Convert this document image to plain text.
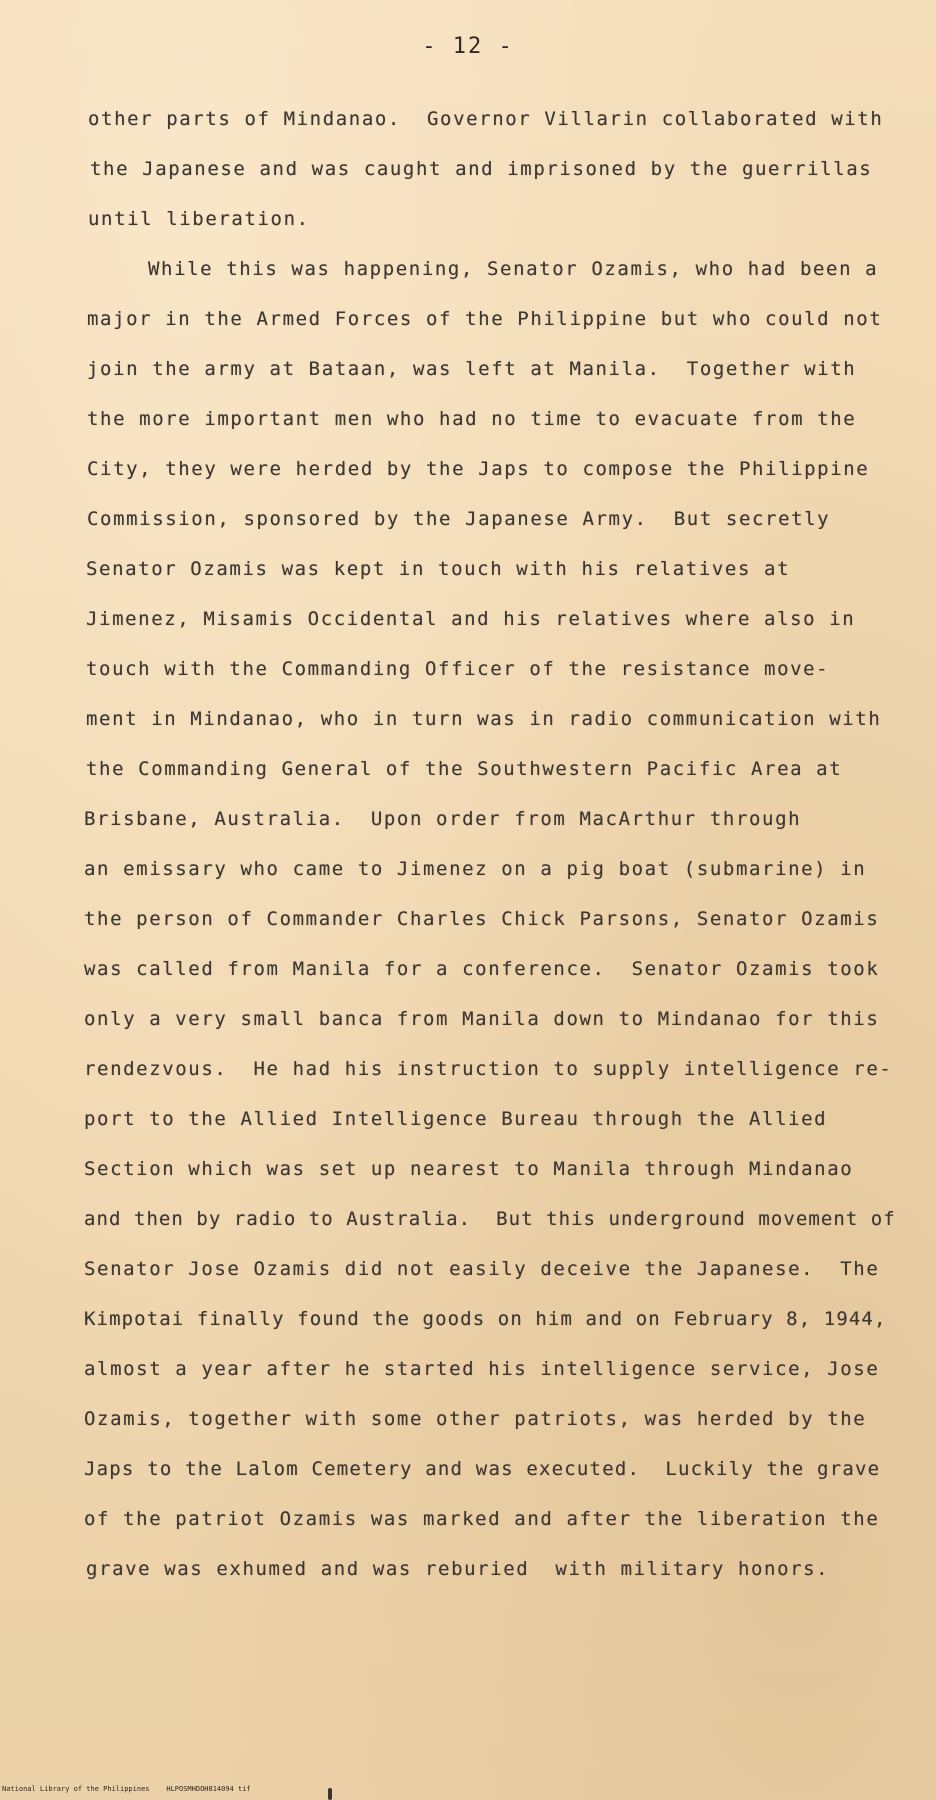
- 12 -
other parts of Mindanao.  Governor Villarin collaborated with
the Japanese and was caught and imprisoned by the guerrillas
until liberation.
While this was happening, Senator Ozamis, who had been a
major in the Armed Forces of the Philippine but who could not
join the army at Bataan, was left at Manila.  Together with
the more important men who had no time to evacuate from the
City, they were herded by the Japs to compose the Philippine
Commission, sponsored by the Japanese Army.  But secretly
Senator Ozamis was kept in touch with his relatives at
Jimenez, Misamis Occidental and his relatives where also in
touch with the Commanding Officer of the resistance move-
ment in Mindanao, who in turn was in radio communication with
the Commanding General of the Southwestern Pacific Area at
Brisbane, Australia.  Upon order from MacArthur through
an emissary who came to Jimenez on a pig boat (submarine) in
the person of Commander Charles Chick Parsons, Senator Ozamis
was called from Manila for a conference.  Senator Ozamis took
only a very small banca from Manila down to Mindanao for this
rendezvous.  He had his instruction to supply intelligence re-
port to the Allied Intelligence Bureau through the Allied
Section which was set up nearest to Manila through Mindanao
and then by radio to Australia.  But this underground movement of
Senator Jose Ozamis did not easily deceive the Japanese.  The
Kimpotai finally found the goods on him and on February 8, 1944,
almost a year after he started his intelligence service, Jose
Ozamis, together with some other patriots, was herded by the
Japs to the Lalom Cemetery and was executed.  Luckily the grave
of the patriot Ozamis was marked and after the liberation the
grave was exhumed and was reburied  with military honors.
National Library of the Philippines    HLPOSMHDOH814094 tif
